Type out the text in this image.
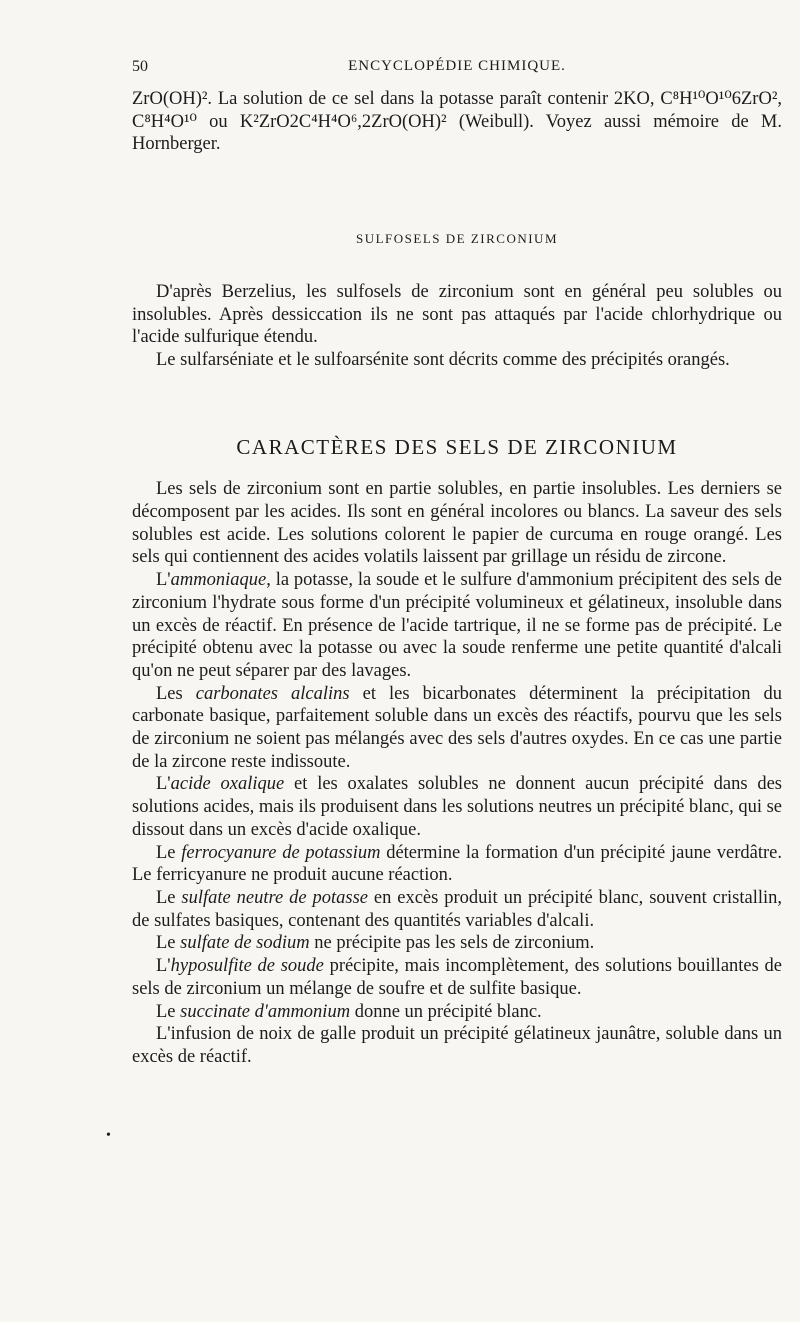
50	ENCYCLOPÉDIE CHIMIQUE.

ZrO(OH)². La solution de ce sel dans la potasse paraît contenir 2KO, C⁸H¹⁰O¹⁰6ZrO², C⁸H⁴O¹⁰ ou K²ZrO2C⁴H⁴O⁶,2ZrO(OH)² (Weibull). Voyez aussi mémoire de M. Hornberger.

SULFOSELS DE ZIRCONIUM

D'après Berzelius, les sulfosels de zirconium sont en général peu solubles ou insolubles. Après dessiccation ils ne sont pas attaqués par l'acide chlorhydrique ou l'acide sulfurique étendu.

Le sulfarséniate et le sulfoarsénite sont décrits comme des précipités orangés.

CARACTÈRES DES SELS DE ZIRCONIUM

Les sels de zirconium sont en partie solubles, en partie insolubles. Les derniers se décomposent par les acides. Ils sont en général incolores ou blancs. La saveur des sels solubles est acide. Les solutions colorent le papier de curcuma en rouge orangé. Les sels qui contiennent des acides volatils laissent par grillage un résidu de zircone.

L'ammoniaque, la potasse, la soude et le sulfure d'ammonium précipitent des sels de zirconium l'hydrate sous forme d'un précipité volumineux et gélatineux, insoluble dans un excès de réactif. En présence de l'acide tartrique, il ne se forme pas de précipité. Le précipité obtenu avec la potasse ou avec la soude renferme une petite quantité d'alcali qu'on ne peut séparer par des lavages.

Les carbonates alcalins et les bicarbonates déterminent la précipitation du carbonate basique, parfaitement soluble dans un excès des réactifs, pourvu que les sels de zirconium ne soient pas mélangés avec des sels d'autres oxydes. En ce cas une partie de la zircone reste indissoute.

L'acide oxalique et les oxalates solubles ne donnent aucun précipité dans des solutions acides, mais ils produisent dans les solutions neutres un précipité blanc, qui se dissout dans un excès d'acide oxalique.

Le ferrocyanure de potassium détermine la formation d'un précipité jaune verdâtre. Le ferricyanure ne produit aucune réaction.

Le sulfate neutre de potasse en excès produit un précipité blanc, souvent cristallin, de sulfates basiques, contenant des quantités variables d'alcali.

Le sulfate de sodium ne précipite pas les sels de zirconium.

L'hyposulfite de soude précipite, mais incomplètement, des solutions bouillantes de sels de zirconium un mélange de soufre et de sulfite basique.

Le succinate d'ammonium donne un précipité blanc.

L'infusion de noix de galle produit un précipité gélatineux jaunâtre, soluble dans un excès de réactif.

•
